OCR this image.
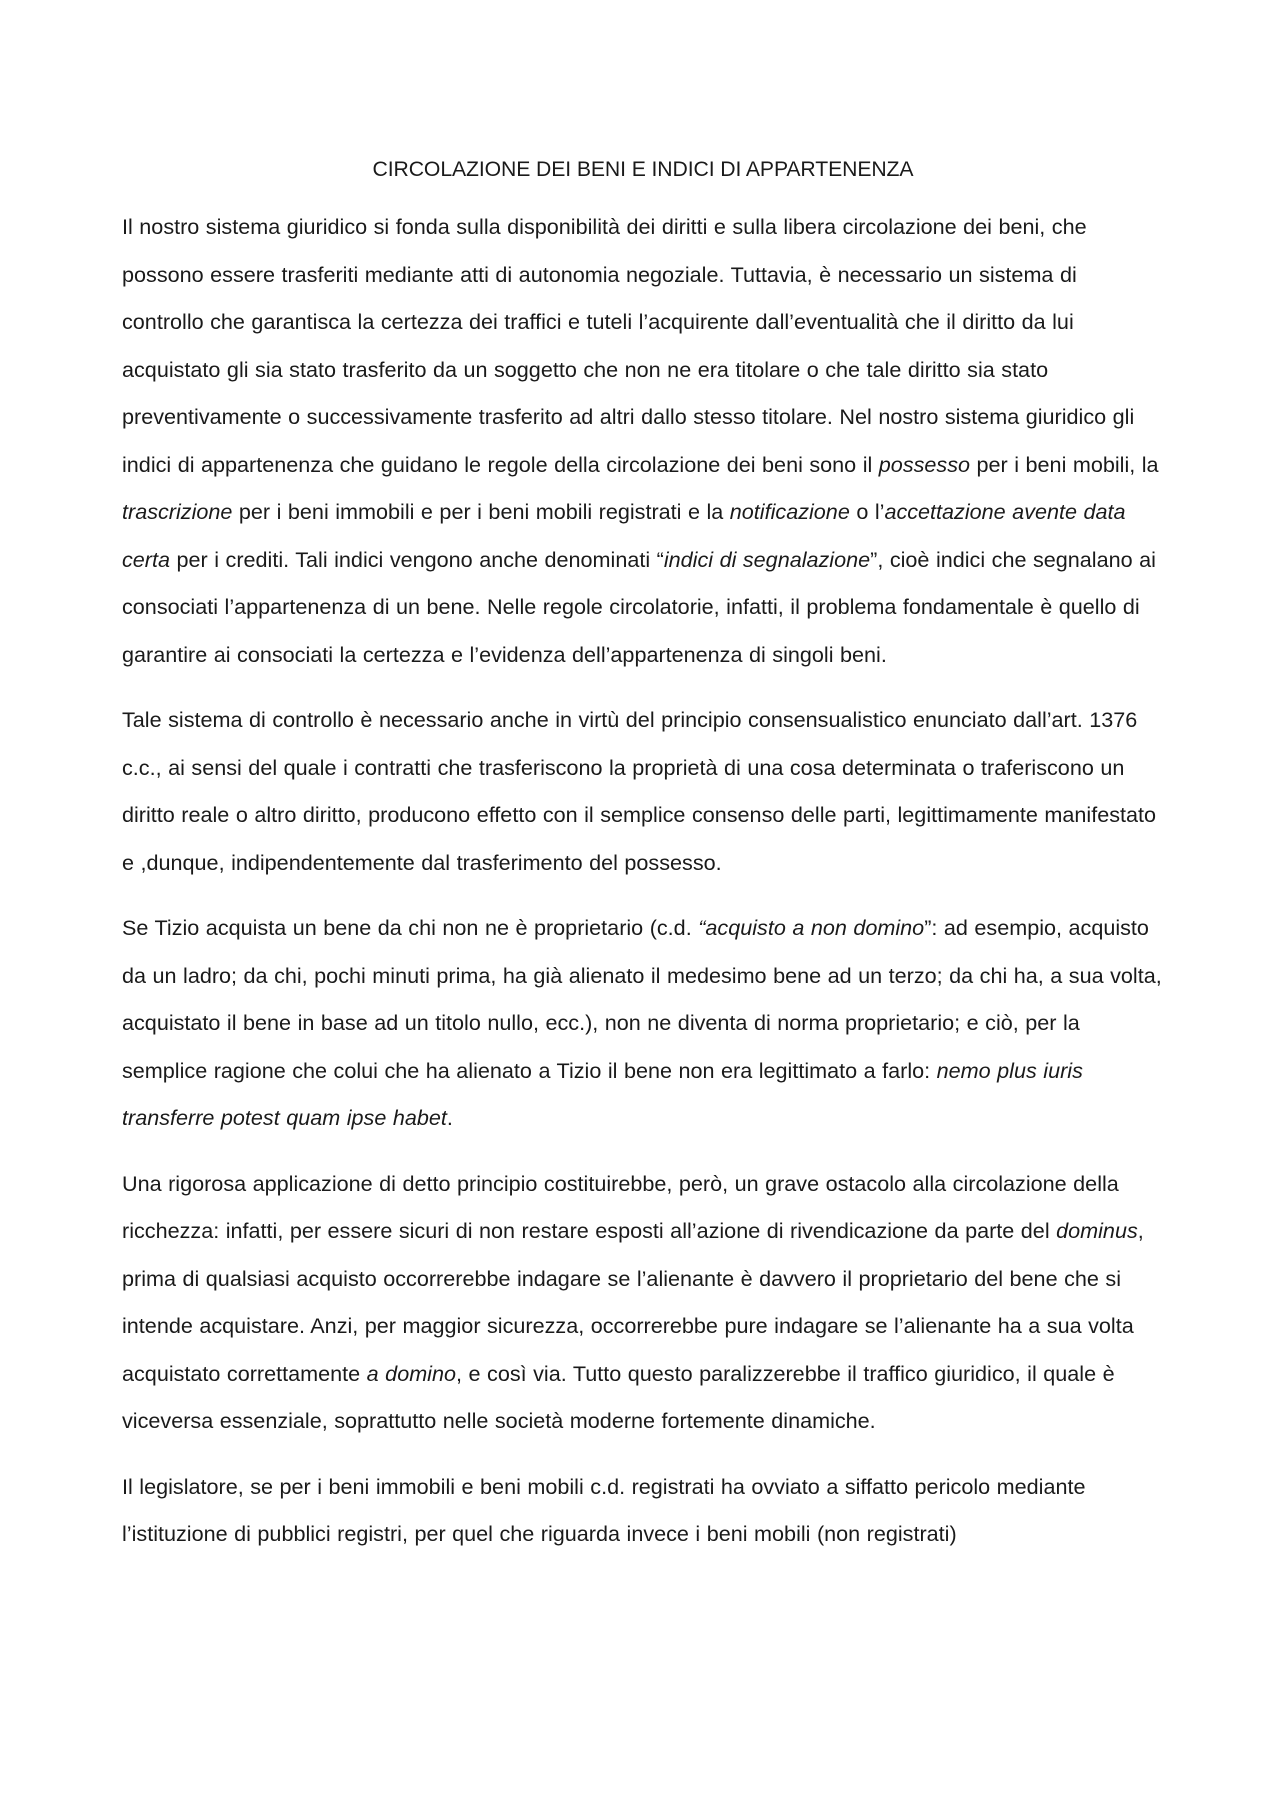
CIRCOLAZIONE DEI BENI E INDICI DI APPARTENENZA

Il nostro sistema giuridico si fonda sulla disponibilità dei diritti e sulla libera circolazione dei beni, che possono essere trasferiti mediante atti di autonomia negoziale. Tuttavia, è necessario un sistema di controllo che garantisca la certezza dei traffici e tuteli l’acquirente dall’eventualità che il diritto da lui acquistato gli sia stato trasferito da un soggetto che non ne era titolare o che tale diritto sia stato preventivamente o successivamente trasferito ad altri dallo stesso titolare. Nel nostro sistema giuridico gli indici di appartenenza che guidano le regole della circolazione dei beni sono il possesso per i beni mobili, la trascrizione per i beni immobili e per i beni mobili registrati e la notificazione o l’accettazione avente data certa per i crediti. Tali indici vengono anche denominati “indici di segnalazione”, cioè indici che segnalano ai consociati l’appartenenza di un bene. Nelle regole circolatorie, infatti, il problema fondamentale è quello di garantire ai consociati la certezza e l’evidenza dell’appartenenza di singoli beni.

Tale sistema di controllo è necessario anche in virtù del principio consensualistico enunciato dall’art. 1376 c.c., ai sensi del quale i contratti che trasferiscono la proprietà di una cosa determinata o traferiscono un diritto reale o altro diritto, producono effetto con il semplice consenso delle parti, legittimamente manifestato e ,dunque, indipendentemente dal trasferimento del possesso.

Se Tizio acquista un bene da chi non ne è proprietario (c.d. “acquisto a non domino”: ad esempio, acquisto da un ladro; da chi, pochi minuti prima, ha già alienato il medesimo bene ad un terzo; da chi ha, a sua volta, acquistato il bene in base ad un titolo nullo, ecc.), non ne diventa di norma proprietario; e ciò, per la semplice ragione che colui che ha alienato a Tizio il bene non era legittimato a farlo: nemo plus iuris transferre potest quam ipse habet.

Una rigorosa applicazione di detto principio costituirebbe, però, un grave ostacolo alla circolazione della ricchezza: infatti, per essere sicuri di non restare esposti all’azione di rivendicazione da parte del dominus, prima di qualsiasi acquisto occorrerebbe indagare se l’alienante è davvero il proprietario del bene che si intende acquistare. Anzi, per maggior sicurezza, occorrerebbe pure indagare se l’alienante ha a sua volta acquistato correttamente a domino, e così via. Tutto questo paralizzerebbe il traffico giuridico, il quale è viceversa essenziale, soprattutto nelle società moderne fortemente dinamiche.

Il legislatore, se per i beni immobili e beni mobili c.d. registrati ha ovviato a siffatto pericolo mediante l’istituzione di pubblici registri, per quel che riguarda invece i beni mobili (non registrati)
